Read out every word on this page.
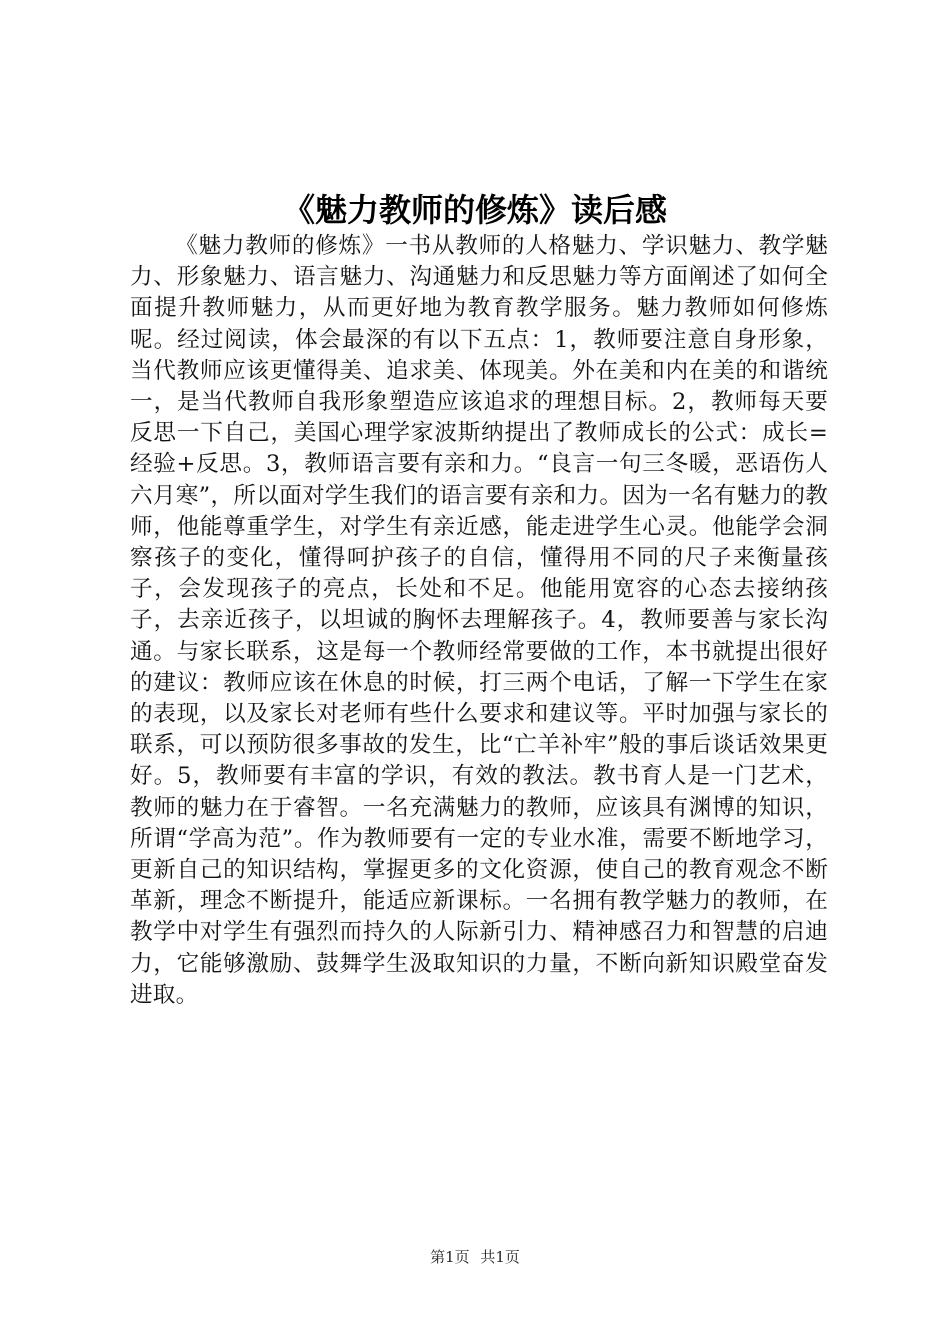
《魅力教师的修炼》读后感

《魅力教师的修炼》一书从教师的人格魅力、学识魅力、教学魅力、形象魅力、语言魅力、沟通魅力和反思魅力等方面阐述了如何全面提升教师魅力，从而更好地为教育教学服务。魅力教师如何修炼呢。经过阅读，体会最深的有以下五点：1，教师要注意自身形象，当代教师应该更懂得美、追求美、体现美。外在美和内在美的和谐统一，是当代教师自我形象塑造应该追求的理想目标。2，教师每天要反思一下自己，美国心理学家波斯纳提出了教师成长的公式：成长=经验+反思。3，教师语言要有亲和力。“良言一句三冬暖，恶语伤人六月寒”，所以面对学生我们的语言要有亲和力。因为一名有魅力的教师，他能尊重学生，对学生有亲近感，能走进学生心灵。他能学会洞察孩子的变化，懂得呵护孩子的自信，懂得用不同的尺子来衡量孩子，会发现孩子的亮点，长处和不足。他能用宽容的心态去接纳孩子，去亲近孩子，以坦诚的胸怀去理解孩子。4，教师要善与家长沟通。与家长联系，这是每一个教师经常要做的工作，本书就提出很好的建议：教师应该在休息的时候，打三两个电话，了解一下学生在家的表现，以及家长对老师有些什么要求和建议等。平时加强与家长的联系，可以预防很多事故的发生，比“亡羊补牢”般的事后谈话效果更好。5，教师要有丰富的学识，有效的教法。教书育人是一门艺术，教师的魅力在于睿智。一名充满魅力的教师，应该具有渊博的知识，所谓“学高为范”。作为教师要有一定的专业水准，需要不断地学习，更新自己的知识结构，掌握更多的文化资源，使自己的教育观念不断革新，理念不断提升，能适应新课标。一名拥有教学魅力的教师，在教学中对学生有强烈而持久的人际新引力、精神感召力和智慧的启迪力，它能够激励、鼓舞学生汲取知识的力量，不断向新知识殿堂奋发进取。

第1页 共1页
